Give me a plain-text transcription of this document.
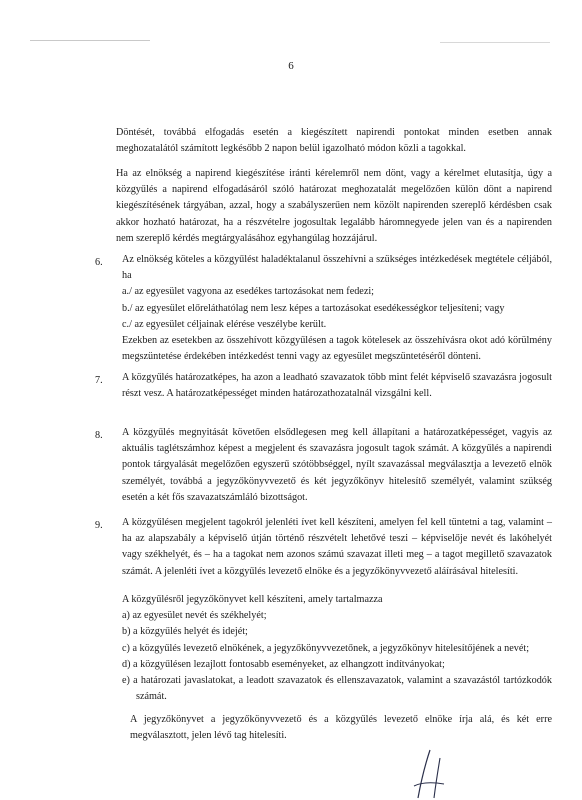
6

Döntését, továbbá elfogadás esetén a kiegészített napirendi pontokat minden esetben annak meghozatalától számított legkésőbb 2 napon belül igazolható módon közli a tagokkal.

Ha az elnökség a napirend kiegészítése iránti kérelemről nem dönt, vagy a kérelmet elutasítja, úgy a közgyűlés a napirend elfogadásáról szóló határozat meghozatalát megelőzően külön dönt a napirend kiegészítésének tárgyában, azzal, hogy a szabályszerűen nem közölt napirenden szereplő kérdésben csak akkor hozható határozat, ha a részvételre jogosultak legalább háromnegyede jelen van és a napirenden nem szereplő kérdés megtárgyalásához egyhangúlag hozzájárul.

6. Az elnökség köteles a közgyűlést haladéktalanul összehívni a szükséges intézkedések megtétele céljából, ha

a./ az egyesület vagyona az esedékes tartozásokat nem fedezi;

b./ az egyesület előreláthatólag nem lesz képes a tartozásokat esedékességkor teljesíteni; vagy

c./ az egyesület céljainak elérése veszélybe került.

Ezekben az esetekben az összehívott közgyűlésen a tagok kötelesek az összehívásra okot adó körülmény megszüntetése érdekében intézkedést tenni vagy az egyesület megszüntetéséről dönteni.

7. A közgyűlés határozatképes, ha azon a leadható szavazatok több mint felét képviselő szavazásra jogosult részt vesz. A határozatképességet minden határozathozatalnál vizsgálni kell.

8. A közgyűlés megnyitását követően elsődlegesen meg kell állapítani a határozatképességet, vagyis az aktuális taglétszámhoz képest a megjelent és szavazásra jogosult tagok számát. A közgyűlés a napirendi pontok tárgyalását megelőzően egyszerű szótöbbséggel, nyílt szavazással megválasztja a levezető elnök személyét, továbbá a jegyzőkönyvvezető és két jegyzőkönyv hitelesítő személyét, valamint szükség esetén a két fős szavazatszámláló bizottságot.

9. A közgyűlésen megjelent tagokról jelenléti ívet kell készíteni, amelyen fel kell tüntetni a tag, valamint – ha az alapszabály a képviselő útján történő részvételt lehetővé teszi – képviselője nevét és lakóhelyét vagy székhelyét, és – ha a tagokat nem azonos számú szavazat illeti meg – a tagot megillető szavazatok számát. A jelenléti ívet a közgyűlés levezető elnöke és a jegyzőkönyvvezető aláírásával hitelesíti.

A közgyűlésről jegyzőkönyvet kell készíteni, amely tartalmazza

a) az egyesület nevét és székhelyét;

b) a közgyűlés helyét és idejét;

c) a közgyűlés levezető elnökének, a jegyzőkönyvvezetőnek, a jegyzőkönyv hitelesítőjének a nevét;

d) a közgyűlésen lezajlott fontosabb eseményeket, az elhangzott indítványokat;

e) a határozati javaslatokat, a leadott szavazatok és ellenszavazatok, valamint a szavazástól tartózkodók számát.

A jegyzőkönyvet a jegyzőkönyvvezető és a közgyűlés levezető elnöke írja alá, és két erre megválasztott, jelen lévő tag hitelesíti.
